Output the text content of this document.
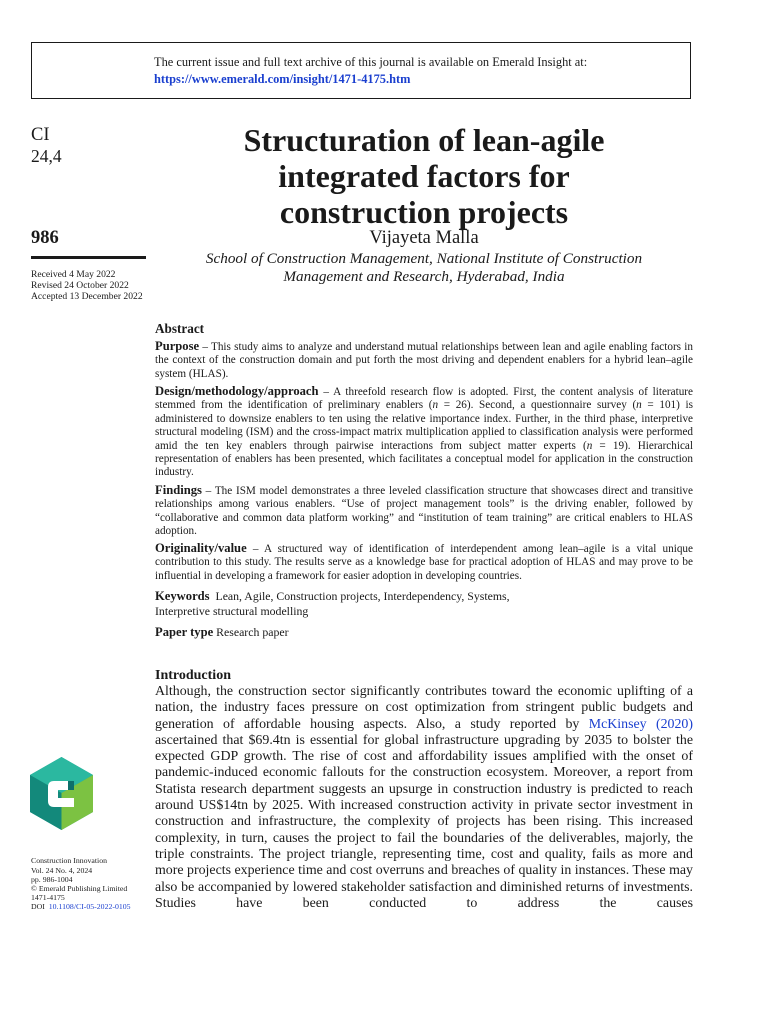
The current issue and full text archive of this journal is available on Emerald Insight at:
https://www.emerald.com/insight/1471-4175.htm
CI
24,4
986
Received 4 May 2022
Revised 24 October 2022
Accepted 13 December 2022
Structuration of lean-agile
integrated factors for
construction projects
Vijayeta Malla
School of Construction Management, National Institute of Construction
Management and Research, Hyderabad, India
Abstract
Purpose – This study aims to analyze and understand mutual relationships between lean and agile enabling factors in the context of the construction domain and put forth the most driving and dependent enablers for a hybrid lean–agile system (HLAS).
Design/methodology/approach – A threefold research flow is adopted. First, the content analysis of literature stemmed from the identification of preliminary enablers (n = 26). Second, a questionnaire survey (n = 101) is administered to downsize enablers to ten using the relative importance index. Further, in the third phase, interpretive structural modeling (ISM) and the cross-impact matrix multiplication applied to classification analysis were performed amid the ten key enablers through pairwise interactions from subject matter experts (n = 19). Hierarchical representation of enablers has been presented, which facilitates a conceptual model for application in the construction industry.
Findings – The ISM model demonstrates a three leveled classification structure that showcases direct and transitive relationships among various enablers. “Use of project management tools” is the driving enabler, followed by “collaborative and common data platform working” and “institution of team training” are critical enablers to HLAS adoption.
Originality/value – A structured way of identification of interdependent among lean–agile is a vital unique contribution to this study. The results serve as a knowledge base for practical adoption of HLAS and may prove to be influential in developing a framework for easier adoption in developing countries.
Keywords Lean, Agile, Construction projects, Interdependency, Systems,
Interpretive structural modelling
Paper type Research paper
Introduction
Although, the construction sector significantly contributes toward the economic uplifting of a nation, the industry faces pressure on cost optimization from stringent public budgets and generation of affordable housing aspects. Also, a study reported by McKinsey (2020) ascertained that $69.4tn is essential for global infrastructure upgrading by 2035 to bolster the expected GDP growth. The rise of cost and affordability issues amplified with the onset of pandemic-induced economic fallouts for the construction ecosystem. Moreover, a report from Statista research department suggests an upsurge in construction industry is predicted to reach around US$14tn by 2025. With increased construction activity in private sector investment in construction and infrastructure, the complexity of projects has been rising. This increased complexity, in turn, causes the project to fail the boundaries of the deliverables, majorly, the triple constraints. The project triangle, representing time, cost and quality, fails as more and more projects experience time and cost overruns and breaches of quality in instances. These may also be accompanied by lowered stakeholder satisfaction and diminished returns of investments. Studies have been conducted to address the causes
Construction Innovation
Vol. 24 No. 4, 2024
pp. 986-1004
© Emerald Publishing Limited
1471-4175
DOI 10.1108/CI-05-2022-0105
